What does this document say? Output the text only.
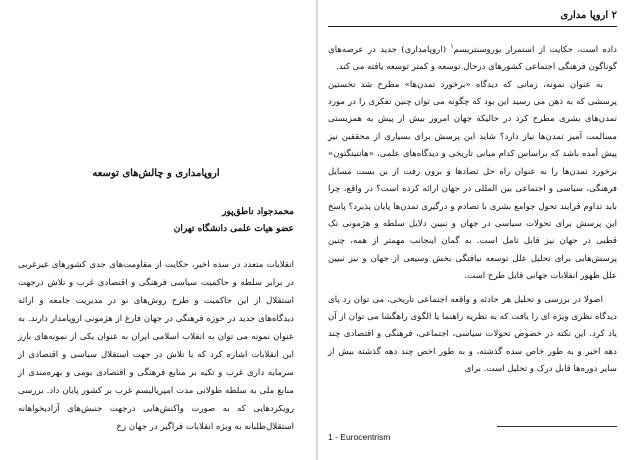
اروپامداری و چالش‌های توسعه
محمدجواد ناطق‌پور
عضو هیات علمی دانشگاه تهران

انقلابات متعدد در سده اخیر، حکایت از مقاومت‌های جدی کشورهای غیرغربی در برابر سلطه و حاکمیت سیاسی فرهنگی و اقتصادی غرب و تلاش درجهت استقلال از این حاکمیت و طرح روش‌های نو در مدیریت جامعه و ارائه دیدگاه‌های جدید در حوزه فرهنگی در جهان فارغ از هژمونی اروپامدار دارند. به عنوان نمونه می توان به انقلاب اسلامی ایران به عنوان یکی از نمونه‌های بارز این انقلابات اشاره کرد که با تلاش در جهت استقلال سیاسی و اقتصادی از سرمایه داری غرب و تکیه بر منابع فرهنگی و اقتصادی بومی و بهره‌مندی از منابع ملی به سلطه طولانی مدت امپریالیسم غرب بر کشور پایان داد. بررسی رویکردهایی که به صورت واکنش‌هایی درجهت جنبش‌های آزادیخواهانه استقلال‌طلبانه به ویژه انقلابات فراگیر در جهان رخ

۲ اروپا مداری

داده است، حکایت از استمرار یوروسنتریسم$^۱$ (اروپامداری) جدید در عرصه‌های گوناگون فرهنگی اجتماعی کشورهای درحال توسعه و کمتر توسعه یافته می کند.

به عنوان نمونه، زمانی که دیدگاه «برخورد تمدن‌ها» مطرح شد نخستین پرسشی که به ذهن می رسید این بود که چگونه می توان چنین تفکری را در مورد تمدن‌های بشری مطرح کرد در حالیکه جهان امروز بیش از پیش به همزیستی مسالمت آمیز تمدن‌ها نیاز دارد؟ شاید این پرسش برای بسیاری از محققین نیز پیش آمده باشد که براساس کدام مبانی تاریخی و دیدگاه‌های علمی، «هانتینگتون» برخورد تمدن‌ها را به عنوان راه حل تضادها و برون رفت از بن بست مسایل فرهنگی، سیاسی و اجتماعی بین المللی در جهان ارائه کرده است؟ در واقع، چرا باید تداوم فرایند تحول جوامع بشری با تصادم و درگیری تمدن‌ها پایان پذیرد؟ پاسخ این پرسش برای تحولات سیاسی در جهان و تبیین دلایل سلطه و هژمونی تک قطبی در جهان نیز قابل تامل است. به گمان اینجانب مهمتر از همه، چنین پرسش‌هایی برای تحلیل علل توسعه نیافتگی بخش وسیعی از جهان و نیز تبیین علل ظهور انقلابات جهانی قابل طرح است.

اصولا در بررسی و تحلیل هر حادثه و واقعه اجتماعی تاریخی، می توان رد پای دیدگاه نظری ویژه ای را یافت که به نظریه راهنما یا الگوی راهگشا می توان از آن یاد کرد. این نکته در خصوص تحولات سیاسی، اجتماعی، فرهنگی و اقتصادی چند دهه اخیر و به طور خاص سده گذشته، و به طور اخص چند دهه گذشته بیش از سایر دوره‌ها قابل درک و تحلیل است. برای

1 - Eurocentrism
